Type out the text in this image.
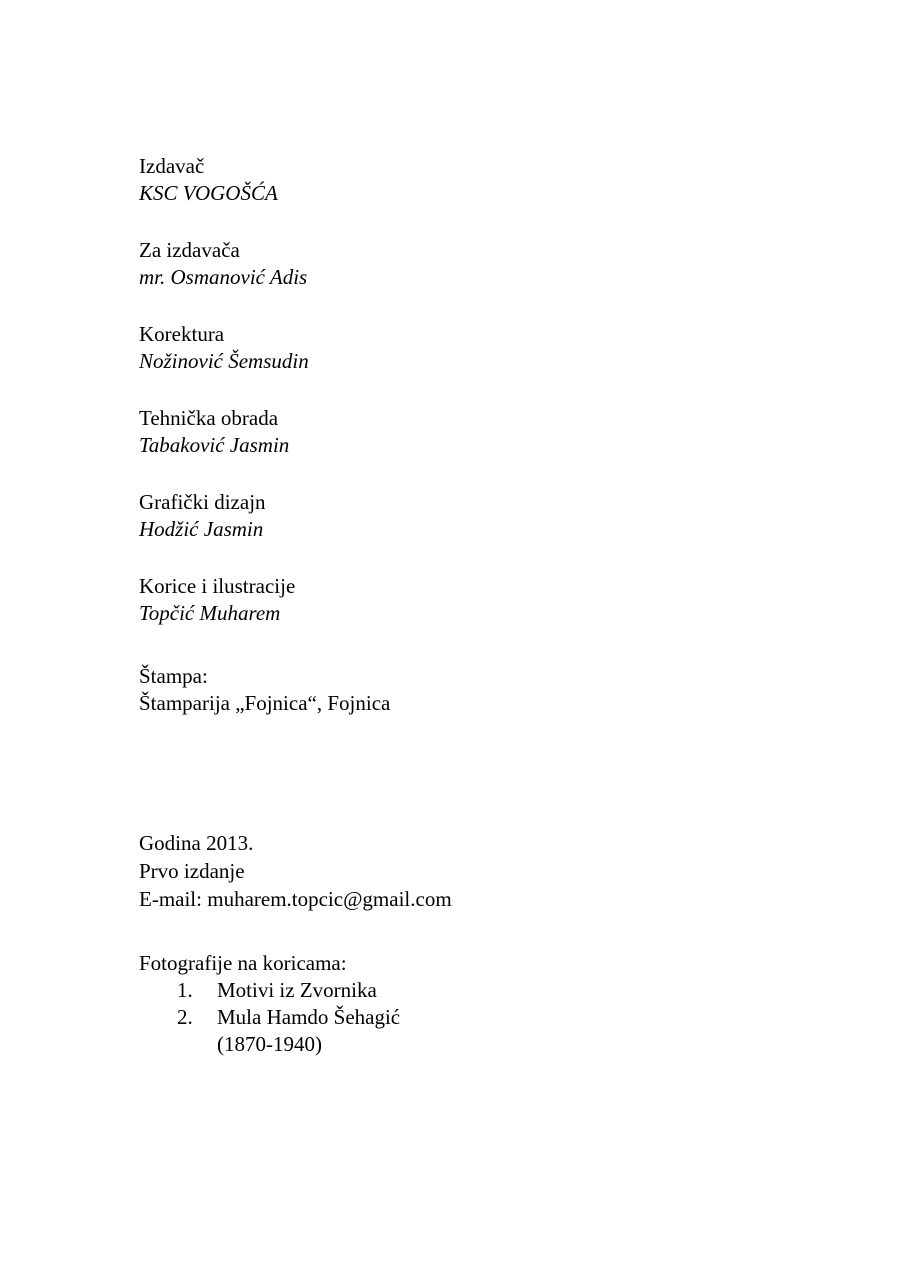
Izdavač
KSC VOGOŠĆA
Za izdavača
mr. Osmanović Adis
Korektura
Nožinović Šemsudin
Tehnička obrada
Tabaković Jasmin
Grafički dizajn
Hodžić Jasmin
Korice i ilustracije
Topčić Muharem
Štampa:
Štamparija „Fojnica“, Fojnica
Godina 2013.
Prvo izdanje
E-mail: muharem.topcic@gmail.com
Fotografije na koricama:
1. Motivi iz Zvornika
2. Mula Hamdo Šehagić
(1870-1940)
